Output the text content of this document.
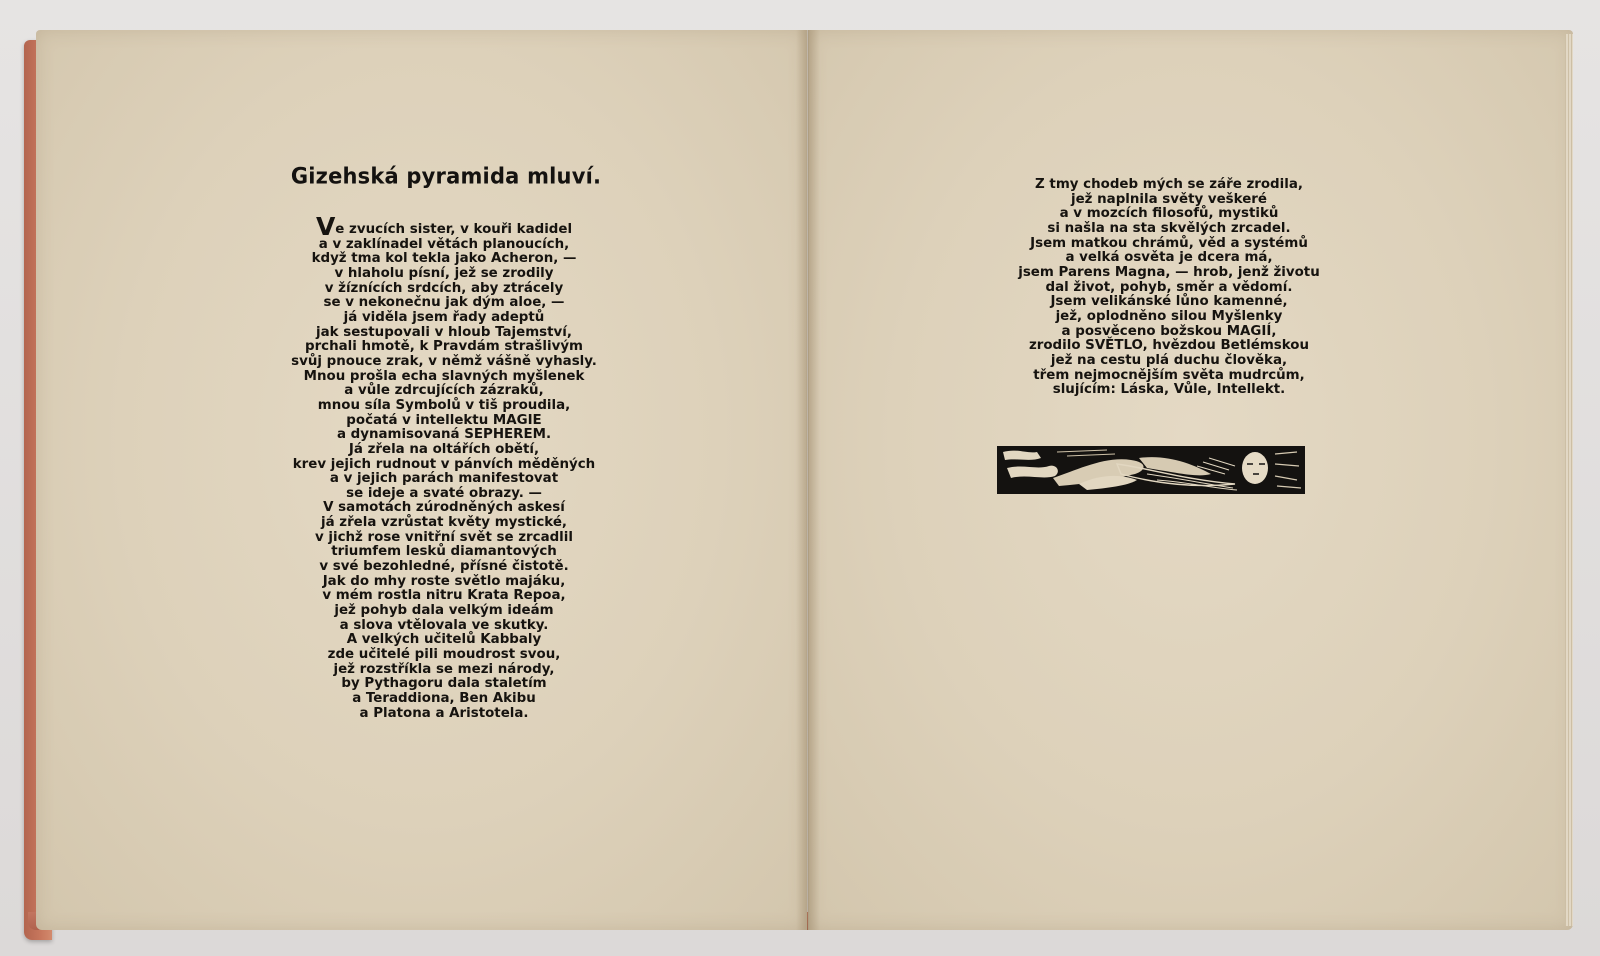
Gizehská pyramida mluví.
Ve zvucích sister, v kouři kadidel
a v zaklínadel větách planoucích,
když tma kol tekla jako Acheron, —
v hlaholu písní, jež se zrodily
v žíznících srdcích, aby ztrácely
se v nekonečnu jak dým aloe, —
já viděla jsem řady adeptů
jak sestupovali v hloub Tajemství,
prchali hmotě, k Pravdám strašlivým
svůj pnouce zrak, v němž vášně vyhasly.
Mnou prošla echa slavných myšlenek
a vůle zdrcujících zázraků,
mnou síla Symbolů v tiš proudila,
počatá v intellektu MAGIE
a dynamisovaná SEPHEREM.
Já zřela na oltářích obětí,
krev jejich rudnout v pánvích měděných
a v jejich parách manifestovat
se ideje a svaté obrazy. —
V samotách zúrodněných askesí
já zřela vzrůstat květy mystické,
v jichž rose vnitřní svět se zrcadlil
triumfem lesků diamantových
v své bezohledné, přísné čistotě.
Jak do mhy roste světlo majáku,
v mém rostla nitru Krata Repoa,
jež pohyb dala velkým ideám
a slova vtělovala ve skutky.
A velkých učitelů Kabbaly
zde učitelé pili moudrost svou,
jež rozstříkla se mezi národy,
by Pythagoru dala staletím
a Teraddiona, Ben Akibu
a Platona a Aristotela.
Z tmy chodeb mých se záře zrodila,
jež naplnila světy veškeré
a v mozcích filosofů, mystiků
si našla na sta skvělých zrcadel.
Jsem matkou chrámů, věd a systémů
a velká osvěta je dcera má,
jsem Parens Magna, — hrob, jenž životu
dal život, pohyb, směr a vědomí.
Jsem velikánské lůno kamenné,
jež, oplodněno silou Myšlenky
a posvěceno božskou MAGIÍ,
zrodilo SVĚTLO, hvězdou Betlémskou
jež na cestu plá duchu člověka,
třem nejmocnějším světa mudrcům,
slujícím: Láska, Vůle, Intellekt.
